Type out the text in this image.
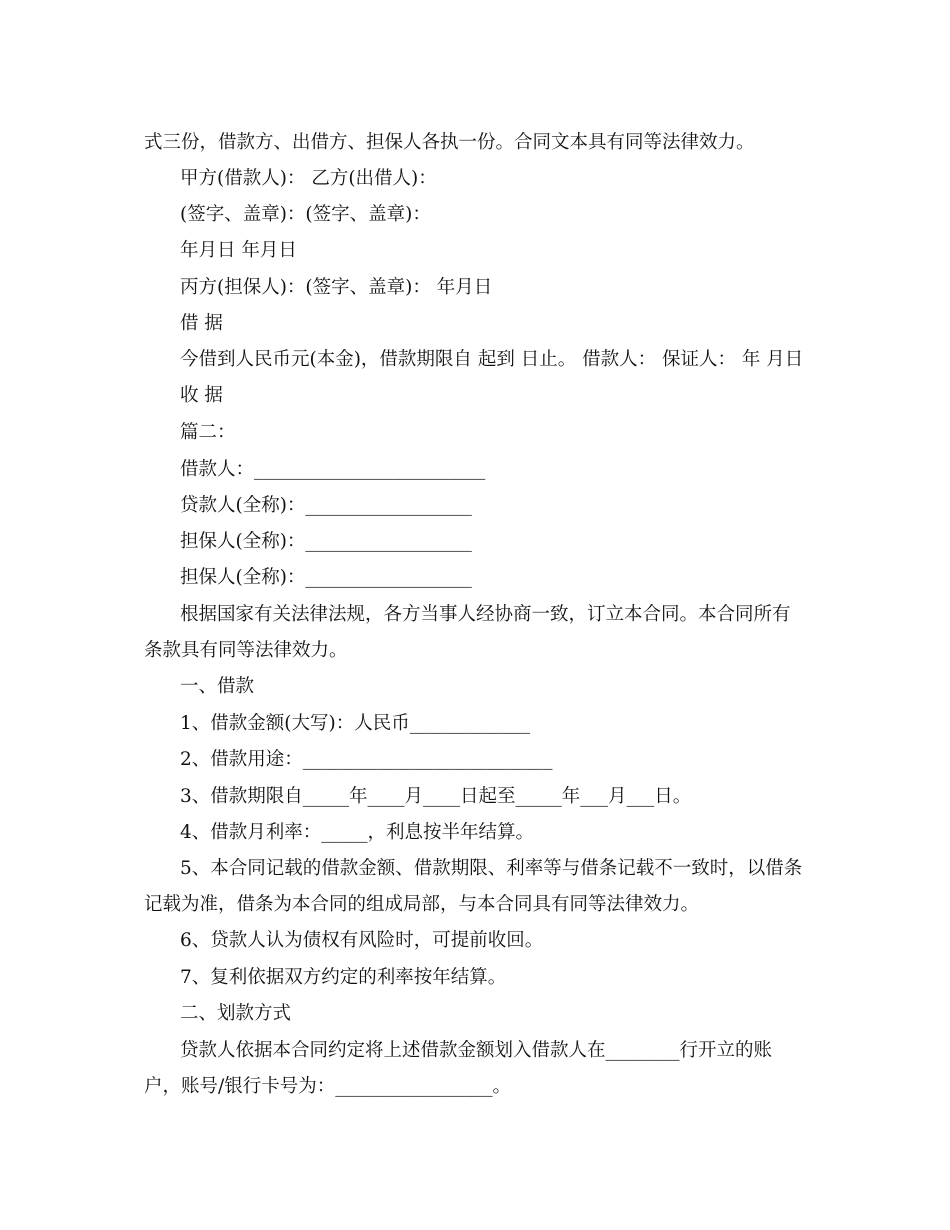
式三份，借款方、出借方、担保人各执一份。合同文本具有同等法律效力。
甲方(借款人)： 乙方(出借人)：
(签字、盖章)：(签字、盖章)：
年月日 年月日
丙方(担保人)：(签字、盖章)： 年月日
借 据
今借到人民币元(本金)，借款期限自 起到 日止。 借款人： 保证人： 年 月日
收 据
篇二：
借款人：_________________________
贷款人(全称)：__________________
担保人(全称)：__________________
担保人(全称)：__________________
根据国家有关法律法规，各方当事人经协商一致，订立本合同。本合同所有
条款具有同等法律效力。
一、借款
1、借款金额(大写)：人民币_____________
2、借款用途：___________________________
3、借款期限自_____年____月____日起至_____年___月___日。
4、借款月利率：_____，利息按半年结算。
5、本合同记载的借款金额、借款期限、利率等与借条记载不一致时，以借条
记载为准，借条为本合同的组成局部，与本合同具有同等法律效力。
6、贷款人认为债权有风险时，可提前收回。
7、复利依据双方约定的利率按年结算。
二、划款方式
贷款人依据本合同约定将上述借款金额划入借款人在________行开立的账
户，账号/银行卡号为：_________________。
